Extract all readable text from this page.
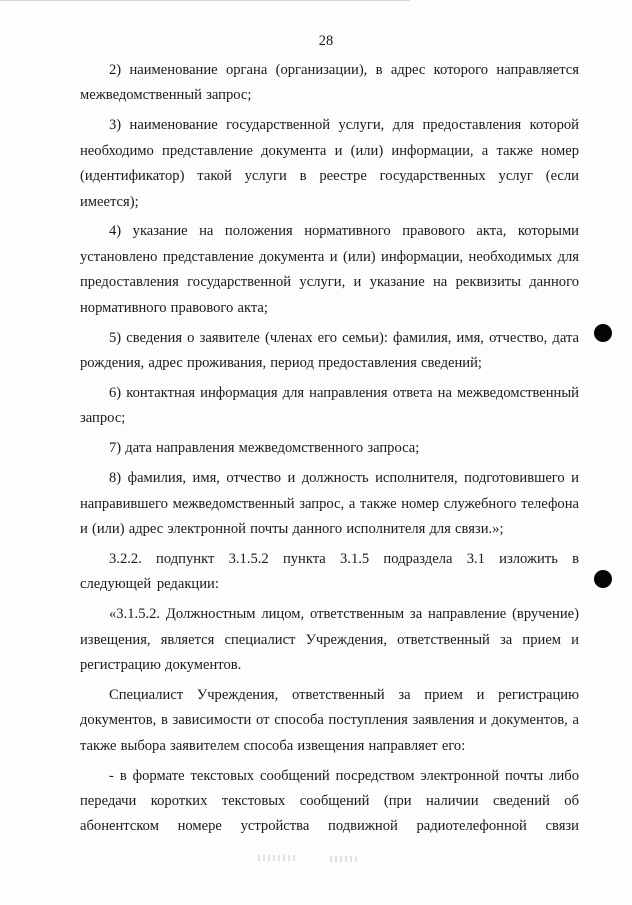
28

2) наименование органа (организации), в адрес которого направляется межведомственный запрос;

3) наименование государственной услуги, для предоставления которой необходимо представление документа и (или) информации, а также номер (идентификатор) такой услуги в реестре государственных услуг (если имеется);

4) указание на положения нормативного правового акта, которыми установлено представление документа и (или) информации, необходимых для предоставления государственной услуги, и указание на реквизиты данного нормативного правового акта;

5) сведения о заявителе (членах его семьи): фамилия, имя, отчество, дата рождения, адрес проживания, период предоставления сведений;

6) контактная информация для направления ответа на межведомственный запрос;

7) дата направления межведомственного запроса;

8) фамилия, имя, отчество и должность исполнителя, подготовившего и направившего межведомственный запрос, а также номер служебного телефона и (или) адрес электронной почты данного исполнителя для связи.»;

3.2.2. подпункт 3.1.5.2 пункта 3.1.5 подраздела 3.1 изложить в следующей редакции:

«3.1.5.2. Должностным лицом, ответственным за направление (вручение) извещения, является специалист Учреждения, ответственный за прием и регистрацию документов.

Специалист Учреждения, ответственный за прием и регистрацию документов, в зависимости от способа поступления заявления и документов, а также выбора заявителем способа извещения направляет его:

- в формате текстовых сообщений посредством электронной почты либо передачи коротких текстовых сообщений (при наличии сведений об абонентском номере устройства подвижной радиотелефонной связи
